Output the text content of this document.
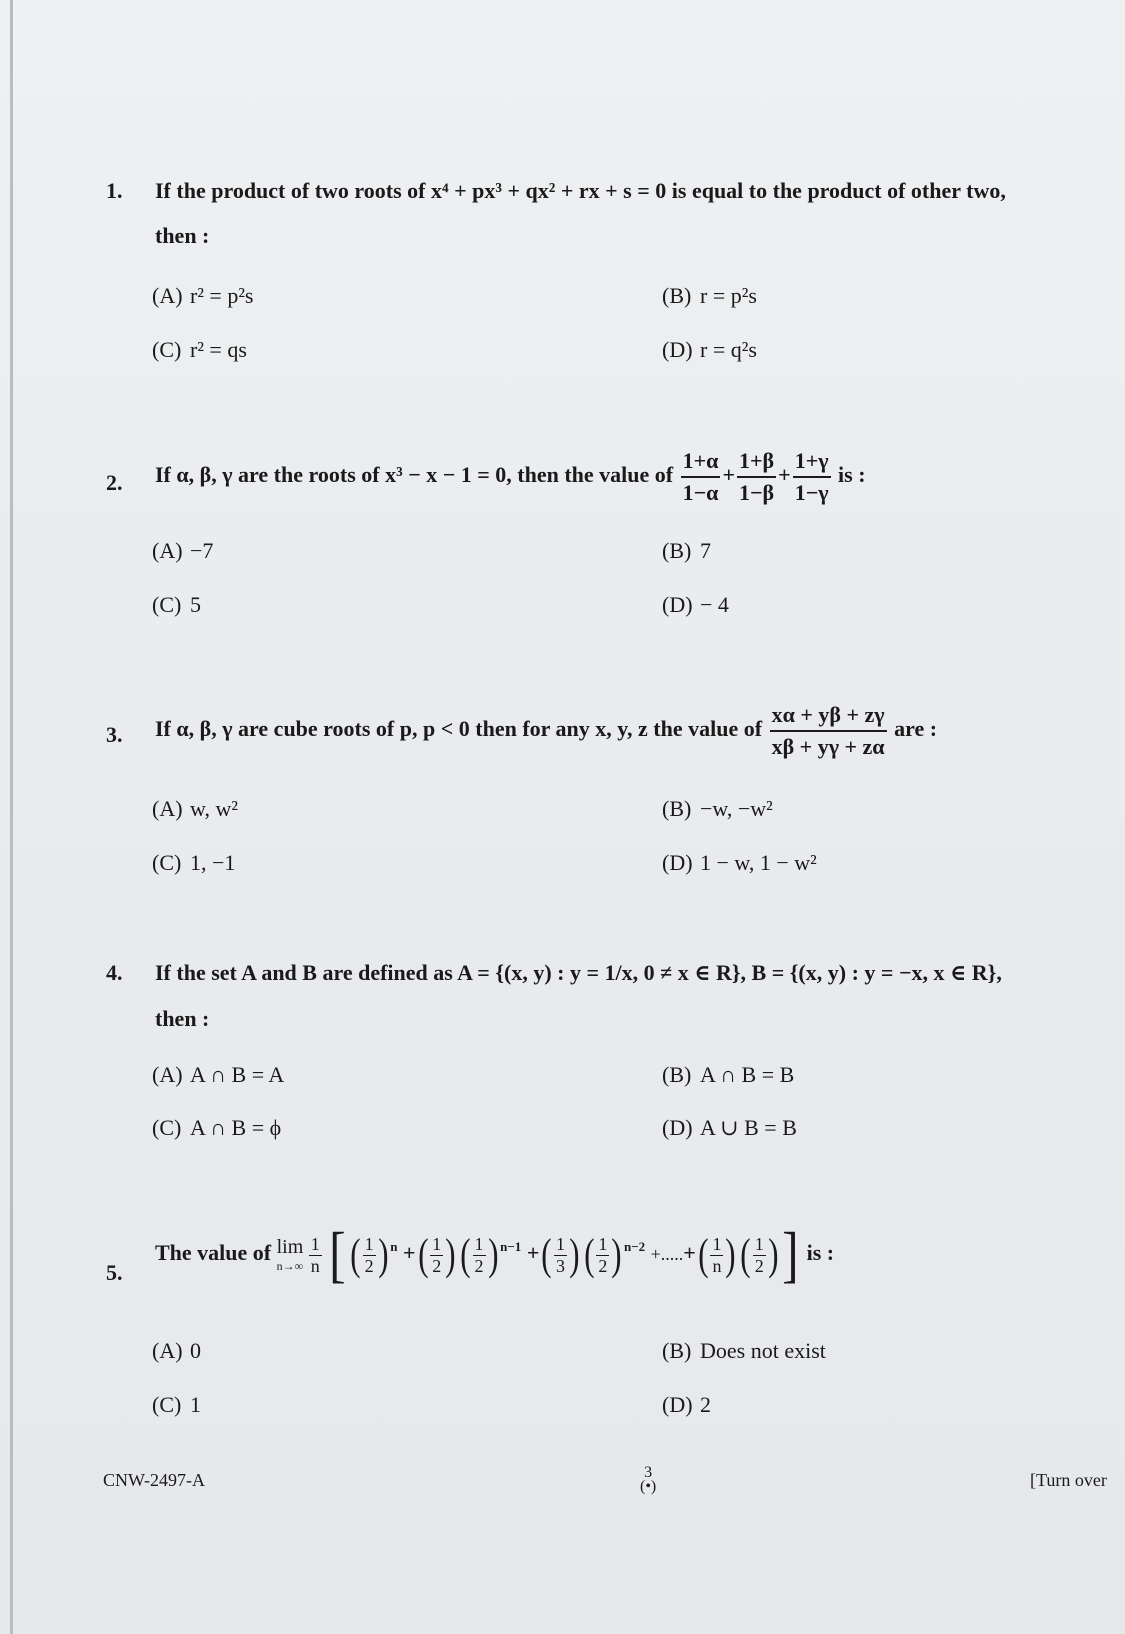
1. If the product of two roots of x⁴ + px³ + qx² + rx + s = 0 is equal to the product of other two,
then :
(A) r² = p²s	(B) r = p²s
(C) r² = qs	(D) r = q²s
2. If α, β, γ are the roots of x³ − x − 1 = 0, then the value of $\frac{1+\alpha}{1-\alpha} + \frac{1+\beta}{1-\beta} + \frac{1+\gamma}{1-\gamma}$ is :
(A) −7	(B) 7
(C) 5	(D) − 4
3. If α, β, γ are cube roots of p, p < 0 then for any x, y, z the value of $\frac{x\alpha + y\beta + z\gamma}{x\beta + y\gamma + z\alpha}$ are :
(A) w, w²	(B) −w, −w²
(C) 1, −1	(D) 1 − w, 1 − w²
4. If the set A and B are defined as A = {(x, y) : y = 1/x, 0 ≠ x ∈ R}, B = {(x, y) : y = −x, x ∈ R},
then :
(A) A ∩ B = A	(B) A ∩ B = B
(C) A ∩ B = ϕ	(D) A ∪ B = B
5.
The value of lim
n→∞
$\frac{1}{n}$ [( $\frac{1}{2}$ ) $^n$ +( $\frac{1}{2}$ )( $\frac{1}{2}$ ) $^{n-1}$ +( $\frac{1}{3}$ )( $\frac{1}{2}$ ) $^{n-2}$ +.....+( $\frac{1}{n}$ )( $\frac{1}{2}$ )] is :
(A) 0	(B) Does not exist
(C) 1	(D) 2
CNW-2497-A	3
(•)	[Turn over
